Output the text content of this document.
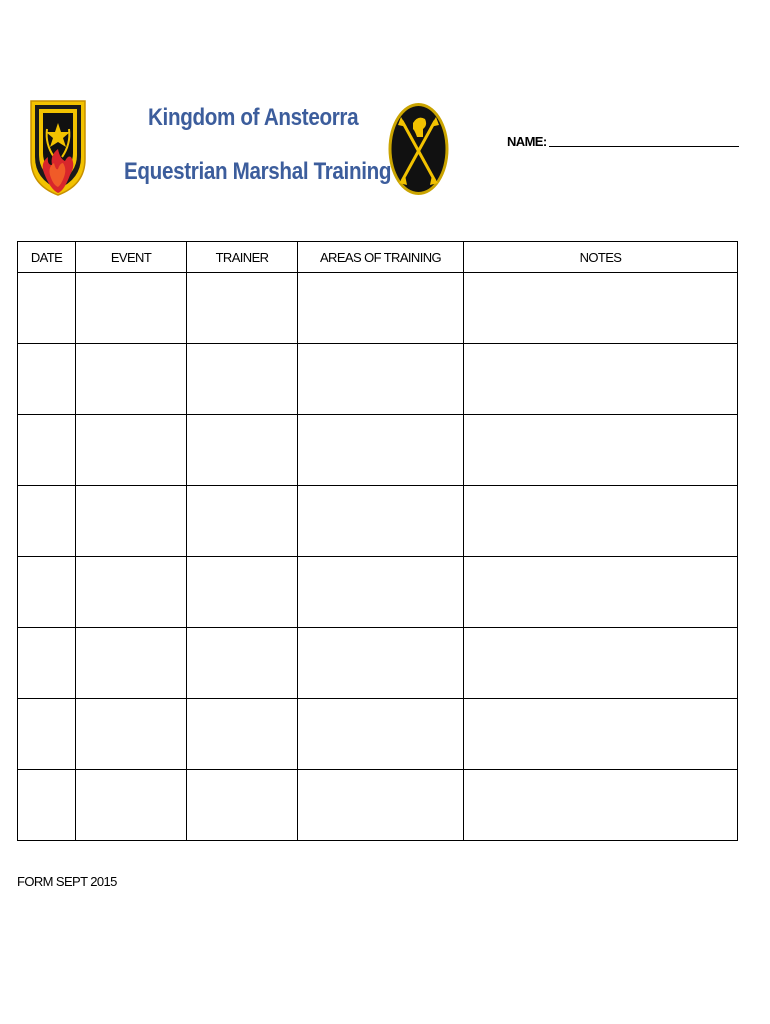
Kingdom of Ansteorra
Equestrian Marshal Training
NAME:
DATE	EVENT	TRAINER	AREAS OF TRAINING	NOTES

FORM SEPT 2015
